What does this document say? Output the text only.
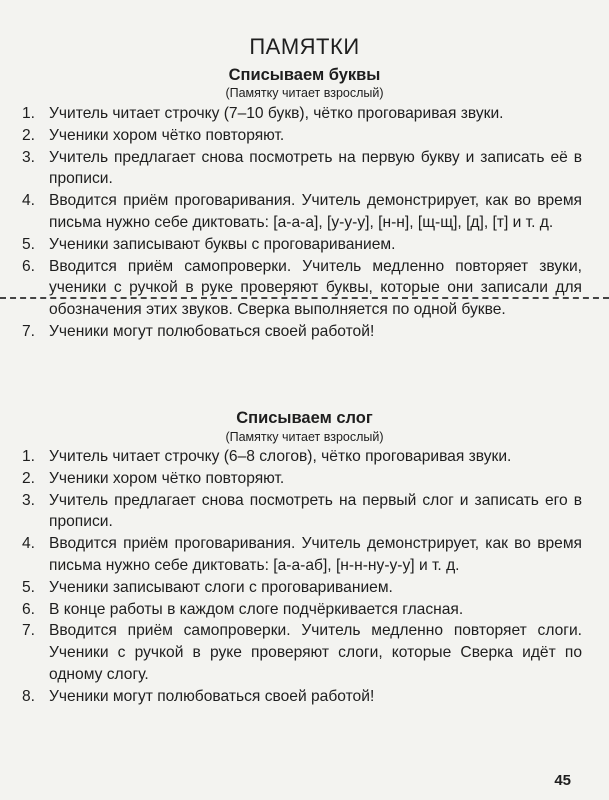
ПАМЯТКИ
Списываем буквы
(Памятку читает взрослый)
1. Учитель читает строчку (7–10 букв), чётко проговаривая звуки.
2. Ученики хором чётко повторяют.
3. Учитель предлагает снова посмотреть на первую букву и записать её в прописи.
4. Вводится приём проговаривания. Учитель демонстрирует, как во время письма нужно себе диктовать: [а-а-а], [у-у-у], [н-н], [щ-щ], [д], [т] и т. д.
5. Ученики записывают буквы с проговариванием.
6. Вводится приём самопроверки. Учитель медленно повторяет звуки, ученики с ручкой в руке проверяют буквы, которые они записали для обозначения этих звуков. Сверка выполняется по одной букве.
7. Ученики могут полюбоваться своей работой!
Списываем слог
(Памятку читает взрослый)
1. Учитель читает строчку (6–8 слогов), чётко проговаривая звуки.
2. Ученики хором чётко повторяют.
3. Учитель предлагает снова посмотреть на первый слог и записать его в прописи.
4. Вводится приём проговаривания. Учитель демонстрирует, как во время письма нужно себе диктовать: [а-а-аб], [н-н-ну-у-у] и т. д.
5. Ученики записывают слоги с проговариванием.
6. В конце работы в каждом слоге подчёркивается гласная.
7. Вводится приём самопроверки. Учитель медленно повторяет слоги. Ученики с ручкой в руке проверяют слоги, которые Сверка идёт по одному слогу.
8. Ученики могут полюбоваться своей работой!
45
